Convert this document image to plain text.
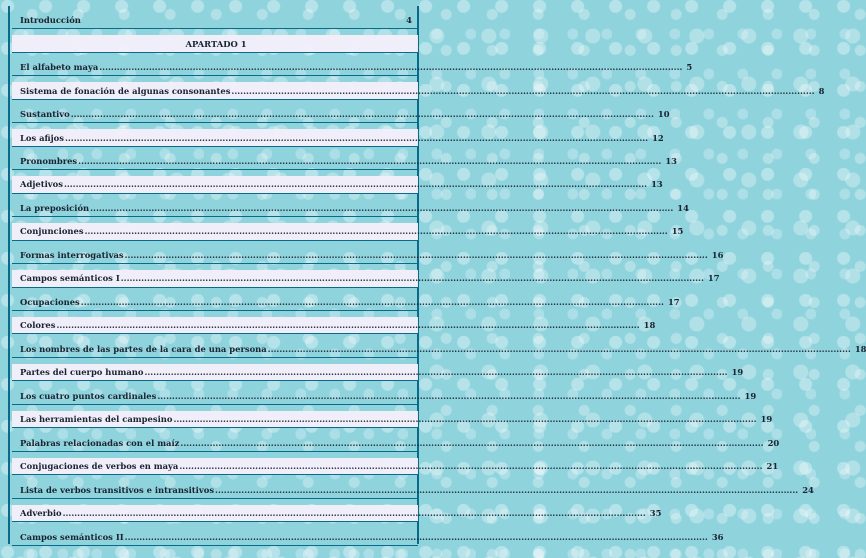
Introducción	4
APARTADO 1
El alfabeto maya ........................................................................................................................................................................................................ 5
Sistema de fonación de algunas consonantes ........................................................................................................................................................................................................ 8
Sustantivo ........................................................................................................................................................................................................ 10
Los afijos ........................................................................................................................................................................................................ 12
Pronombres ........................................................................................................................................................................................................ 13
Adjetivos ........................................................................................................................................................................................................ 13
La preposición ........................................................................................................................................................................................................ 14
Conjunciones ........................................................................................................................................................................................................ 15
Formas interrogativas ........................................................................................................................................................................................................ 16
Campos semánticos I ........................................................................................................................................................................................................ 17
Ocupaciones ........................................................................................................................................................................................................ 17
Colores ........................................................................................................................................................................................................ 18
Los nombres de las partes de la cara de una persona ........................................................................................................................................................................................................ 18
Partes del cuerpo humano ........................................................................................................................................................................................................ 19
Los cuatro puntos cardinales ........................................................................................................................................................................................................ 19
Las herramientas del campesino ........................................................................................................................................................................................................ 19
Palabras relacionadas con el maíz ........................................................................................................................................................................................................ 20
Conjugaciones de verbos en maya ........................................................................................................................................................................................................ 21
Lista de verbos transitivos e intransitivos ........................................................................................................................................................................................................ 24
Adverbio ........................................................................................................................................................................................................ 35
Campos semánticos II ........................................................................................................................................................................................................ 36
